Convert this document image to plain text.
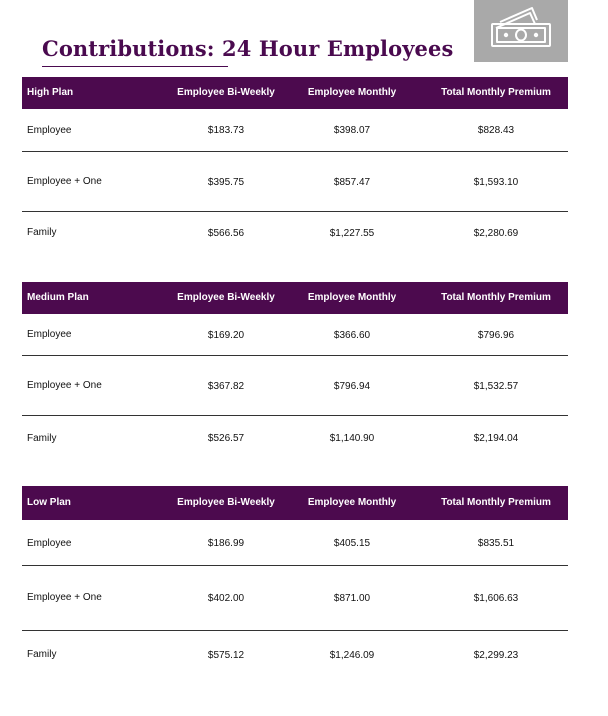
Contributions: 24 Hour Employees
High Plan	Employee Bi-Weekly	Employee Monthly	Total Monthly Premium
Employee	$183.73	$398.07	$828.43
Employee + One	$395.75	$857.47	$1,593.10
Family	$566.56	$1,227.55	$2,280.69
Medium Plan	Employee Bi-Weekly	Employee Monthly	Total Monthly Premium
Employee	$169.20	$366.60	$796.96
Employee + One	$367.82	$796.94	$1,532.57
Family	$526.57	$1,140.90	$2,194.04
Low Plan	Employee Bi-Weekly	Employee Monthly	Total Monthly Premium
Employee	$186.99	$405.15	$835.51
Employee + One	$402.00	$871.00	$1,606.63
Family	$575.12	$1,246.09	$2,299.23
